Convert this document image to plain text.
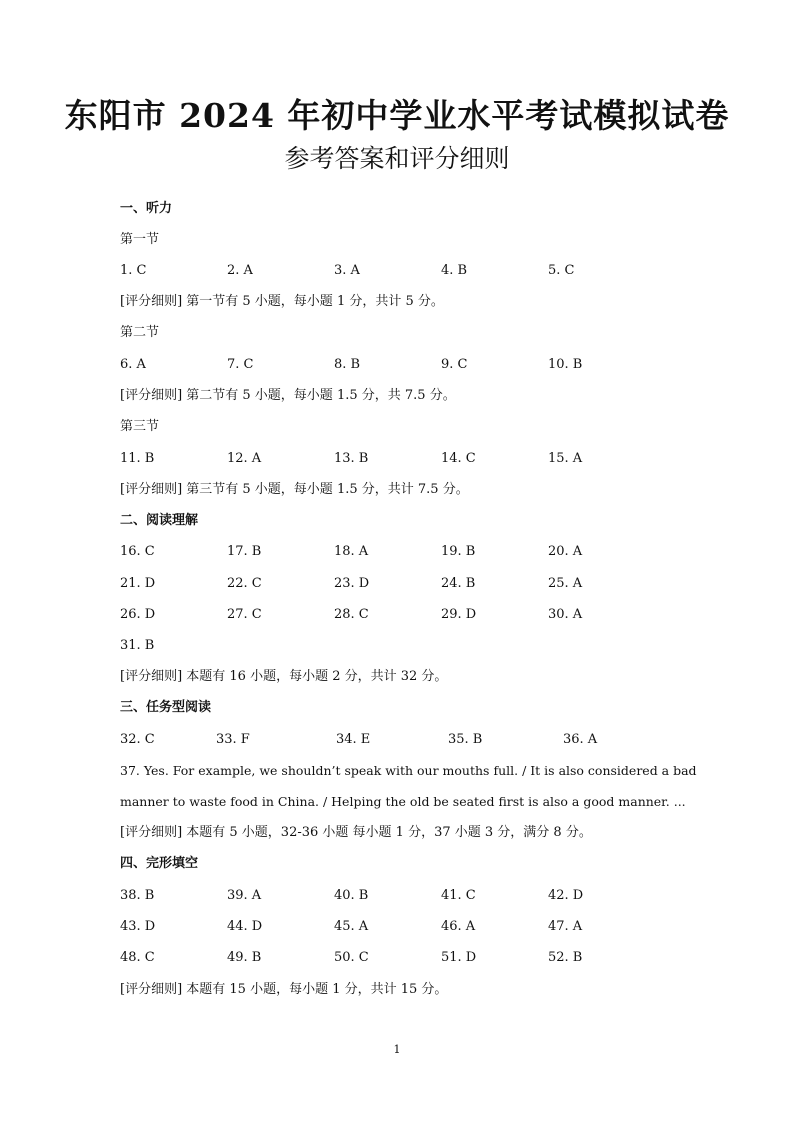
东阳市 2024 年初中学业水平考试模拟试卷
参考答案和评分细则
一、听力
第一节
1. C	2. A	3. A	4. B	5. C
[评分细则] 第一节有 5 小题，每小题 1 分，共计 5 分。
第二节
6. A	7. C	8. B	9. C	10. B
[评分细则] 第二节有 5 小题，每小题 1.5 分，共 7.5 分。
第三节
11. B	12. A	13. B	14. C	15. A
[评分细则] 第三节有 5 小题，每小题 1.5 分，共计 7.5 分。
二、阅读理解
16. C	17. B	18. A	19. B	20. A
21. D	22. C	23. D	24. B	25. A
26. D	27. C	28. C	29. D	30. A
31. B
[评分细则] 本题有 16 小题，每小题 2 分，共计 32 分。
三、任务型阅读
32. C	33. F	34. E	35. B	36. A
37. Yes. For example, we shouldn’t speak with our mouths full. / It is also considered a bad
manner to waste food in China. / Helping the old be seated first is also a good manner. ...
[评分细则] 本题有 5 小题，32-36 小题 每小题 1 分，37 小题 3 分，满分 8 分。
四、完形填空
38. B	39. A	40. B	41. C	42. D
43. D	44. D	45. A	46. A	47. A
48. C	49. B	50. C	51. D	52. B
[评分细则] 本题有 15 小题，每小题 1 分，共计 15 分。
1
